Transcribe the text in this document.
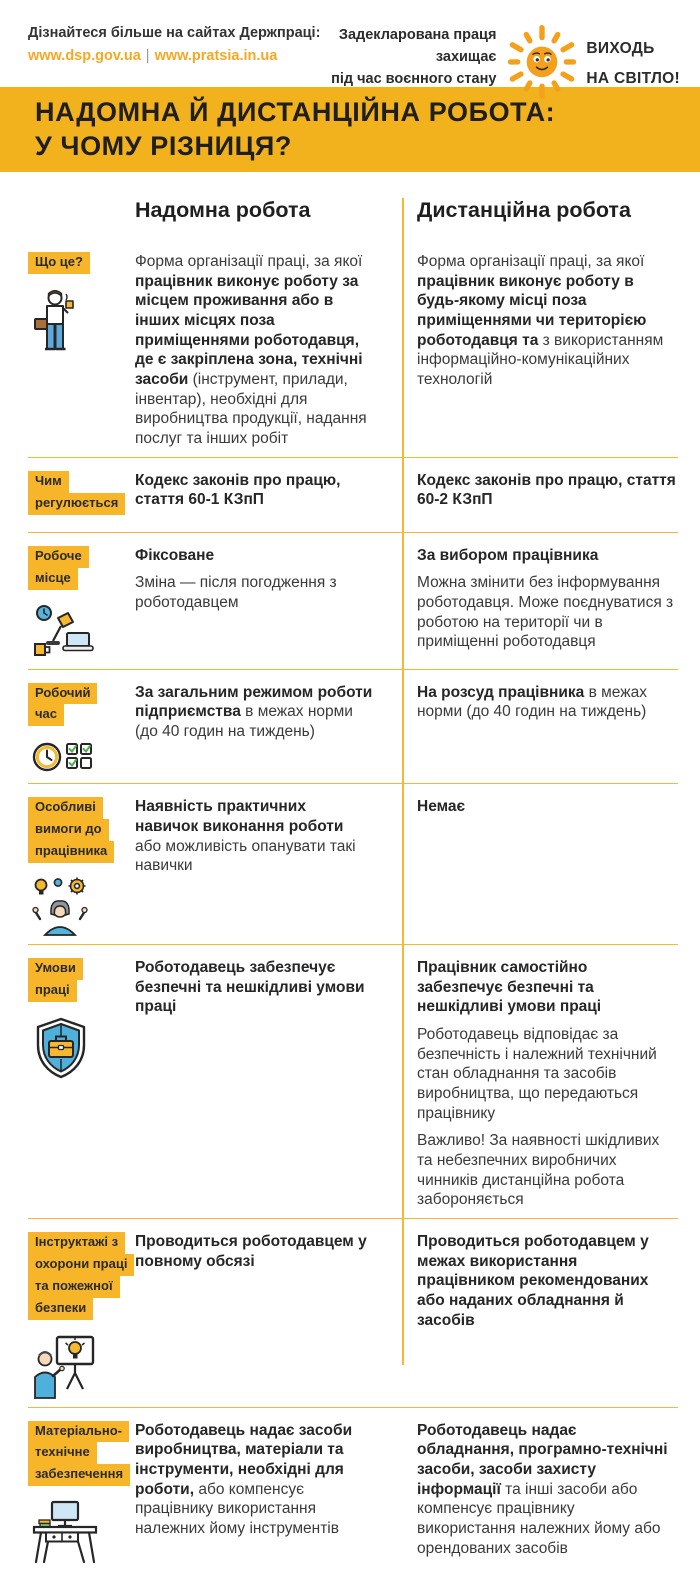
Дізнайтеся більше на сайтах Держпраці:
www.dsp.gov.ua | www.pratsia.in.ua
Задекларована праця захищає
під час воєнного стану
ВИХОДЬ
НА СВІТЛО!
НАДОМНА Й ДИСТАНЦІЙНА РОБОТА:
У ЧОМУ РІЗНИЦЯ?
Надомна робота	Дистанційна робота
Що це?	Форма організації праці, за якої працівник виконує роботу за місцем проживання або в інших місцях поза приміщеннями роботодавця, де є закріплена зона, технічні засоби (інструмент, прилади, інвентар), необхідні для виробництва продукції, надання послуг та інших робіт

Форма організації праці, за якої працівник виконує роботу в будь-якому місці поза приміщеннями чи територією роботодавця та з використанням інформаційно-комунікаційних технологій

Чим
регулюється

Кодекс законів про працю, стаття 60-1 КЗпП

Кодекс законів про працю, стаття 60-2 КЗпП

Робоче
місце

Фіксоване

Зміна — після погодження з роботодавцем

За вибором працівника

Можна змінити без інформування роботодавця. Може поєднуватися з роботою на території чи в приміщенні роботодавця

Робочий
час

За загальним режимом роботи підприємства в межах норми (до 40 годин на тиждень)

На розсуд працівника в межах норми (до 40 годин на тиждень)

Особливі
вимоги до
працівника

Наявність практичних навичок виконання роботи або можливість опанувати такі навички

Немає

Умови
праці

Роботодавець забезпечує безпечні та нешкідливі умови праці

Працівник самостійно забезпечує безпечні та нешкідливі умови праці

Роботодавець відповідає за безпечність і належний технічний стан обладнання та засобів виробництва, що передаються працівнику

Важливо! За наявності шкідливих та небезпечних виробничих чинників дистанційна робота забороняється

Інструктажі з
охорони праці
та пожежної
безпеки

Проводиться роботодавцем у повному обсязі

Проводиться роботодавцем у межах використання працівником рекомендованих або наданих обладнання й засобів

Матеріально-
технічне
забезпечення

Роботодавець надає засоби виробництва, матеріали та інструменти, необхідні для роботи, або компенсує працівнику використання належних йому інструментів

Роботодавець надає обладнання, програмно-технічні засоби, засоби захисту інформації та інші засоби або компенсує працівнику використання належних йому або орендованих засобів
